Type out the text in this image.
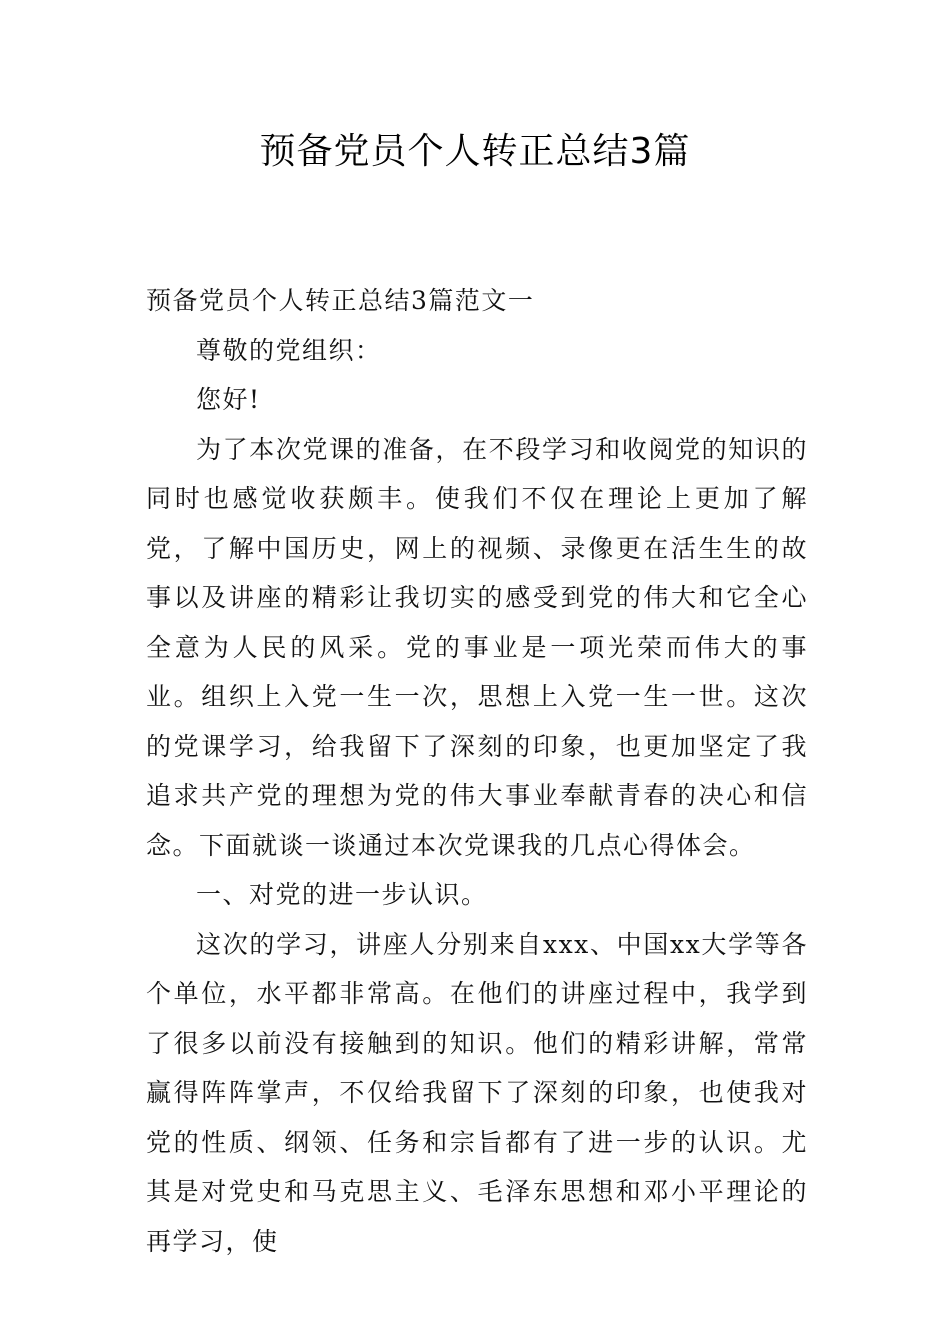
预备党员个人转正总结3篇

预备党员个人转正总结3篇范文一

尊敬的党组织：

您好!

为了本次党课的准备，在不段学习和收阅党的知识的同时也感觉收获颇丰。使我们不仅在理论上更加了解党，了解中国历史，网上的视频、录像更在活生生的故事以及讲座的精彩让我切实的感受到党的伟大和它全心全意为人民的风采。党的事业是一项光荣而伟大的事业。组织上入党一生一次，思想上入党一生一世。这次的党课学习，给我留下了深刻的印象，也更加坚定了我追求共产党的理想为党的伟大事业奉献青春的决心和信念。下面就谈一谈通过本次党课我的几点心得体会。

一、对党的进一步认识。

这次的学习，讲座人分别来自xxx、中国xx大学等各个单位，水平都非常高。在他们的讲座过程中，我学到了很多以前没有接触到的知识。他们的精彩讲解，常常赢得阵阵掌声，不仅给我留下了深刻的印象，也使我对党的性质、纲领、任务和宗旨都有了进一步的认识。尤其是对党史和马克思主义、毛泽东思想和邓小平理论的再学习，使
